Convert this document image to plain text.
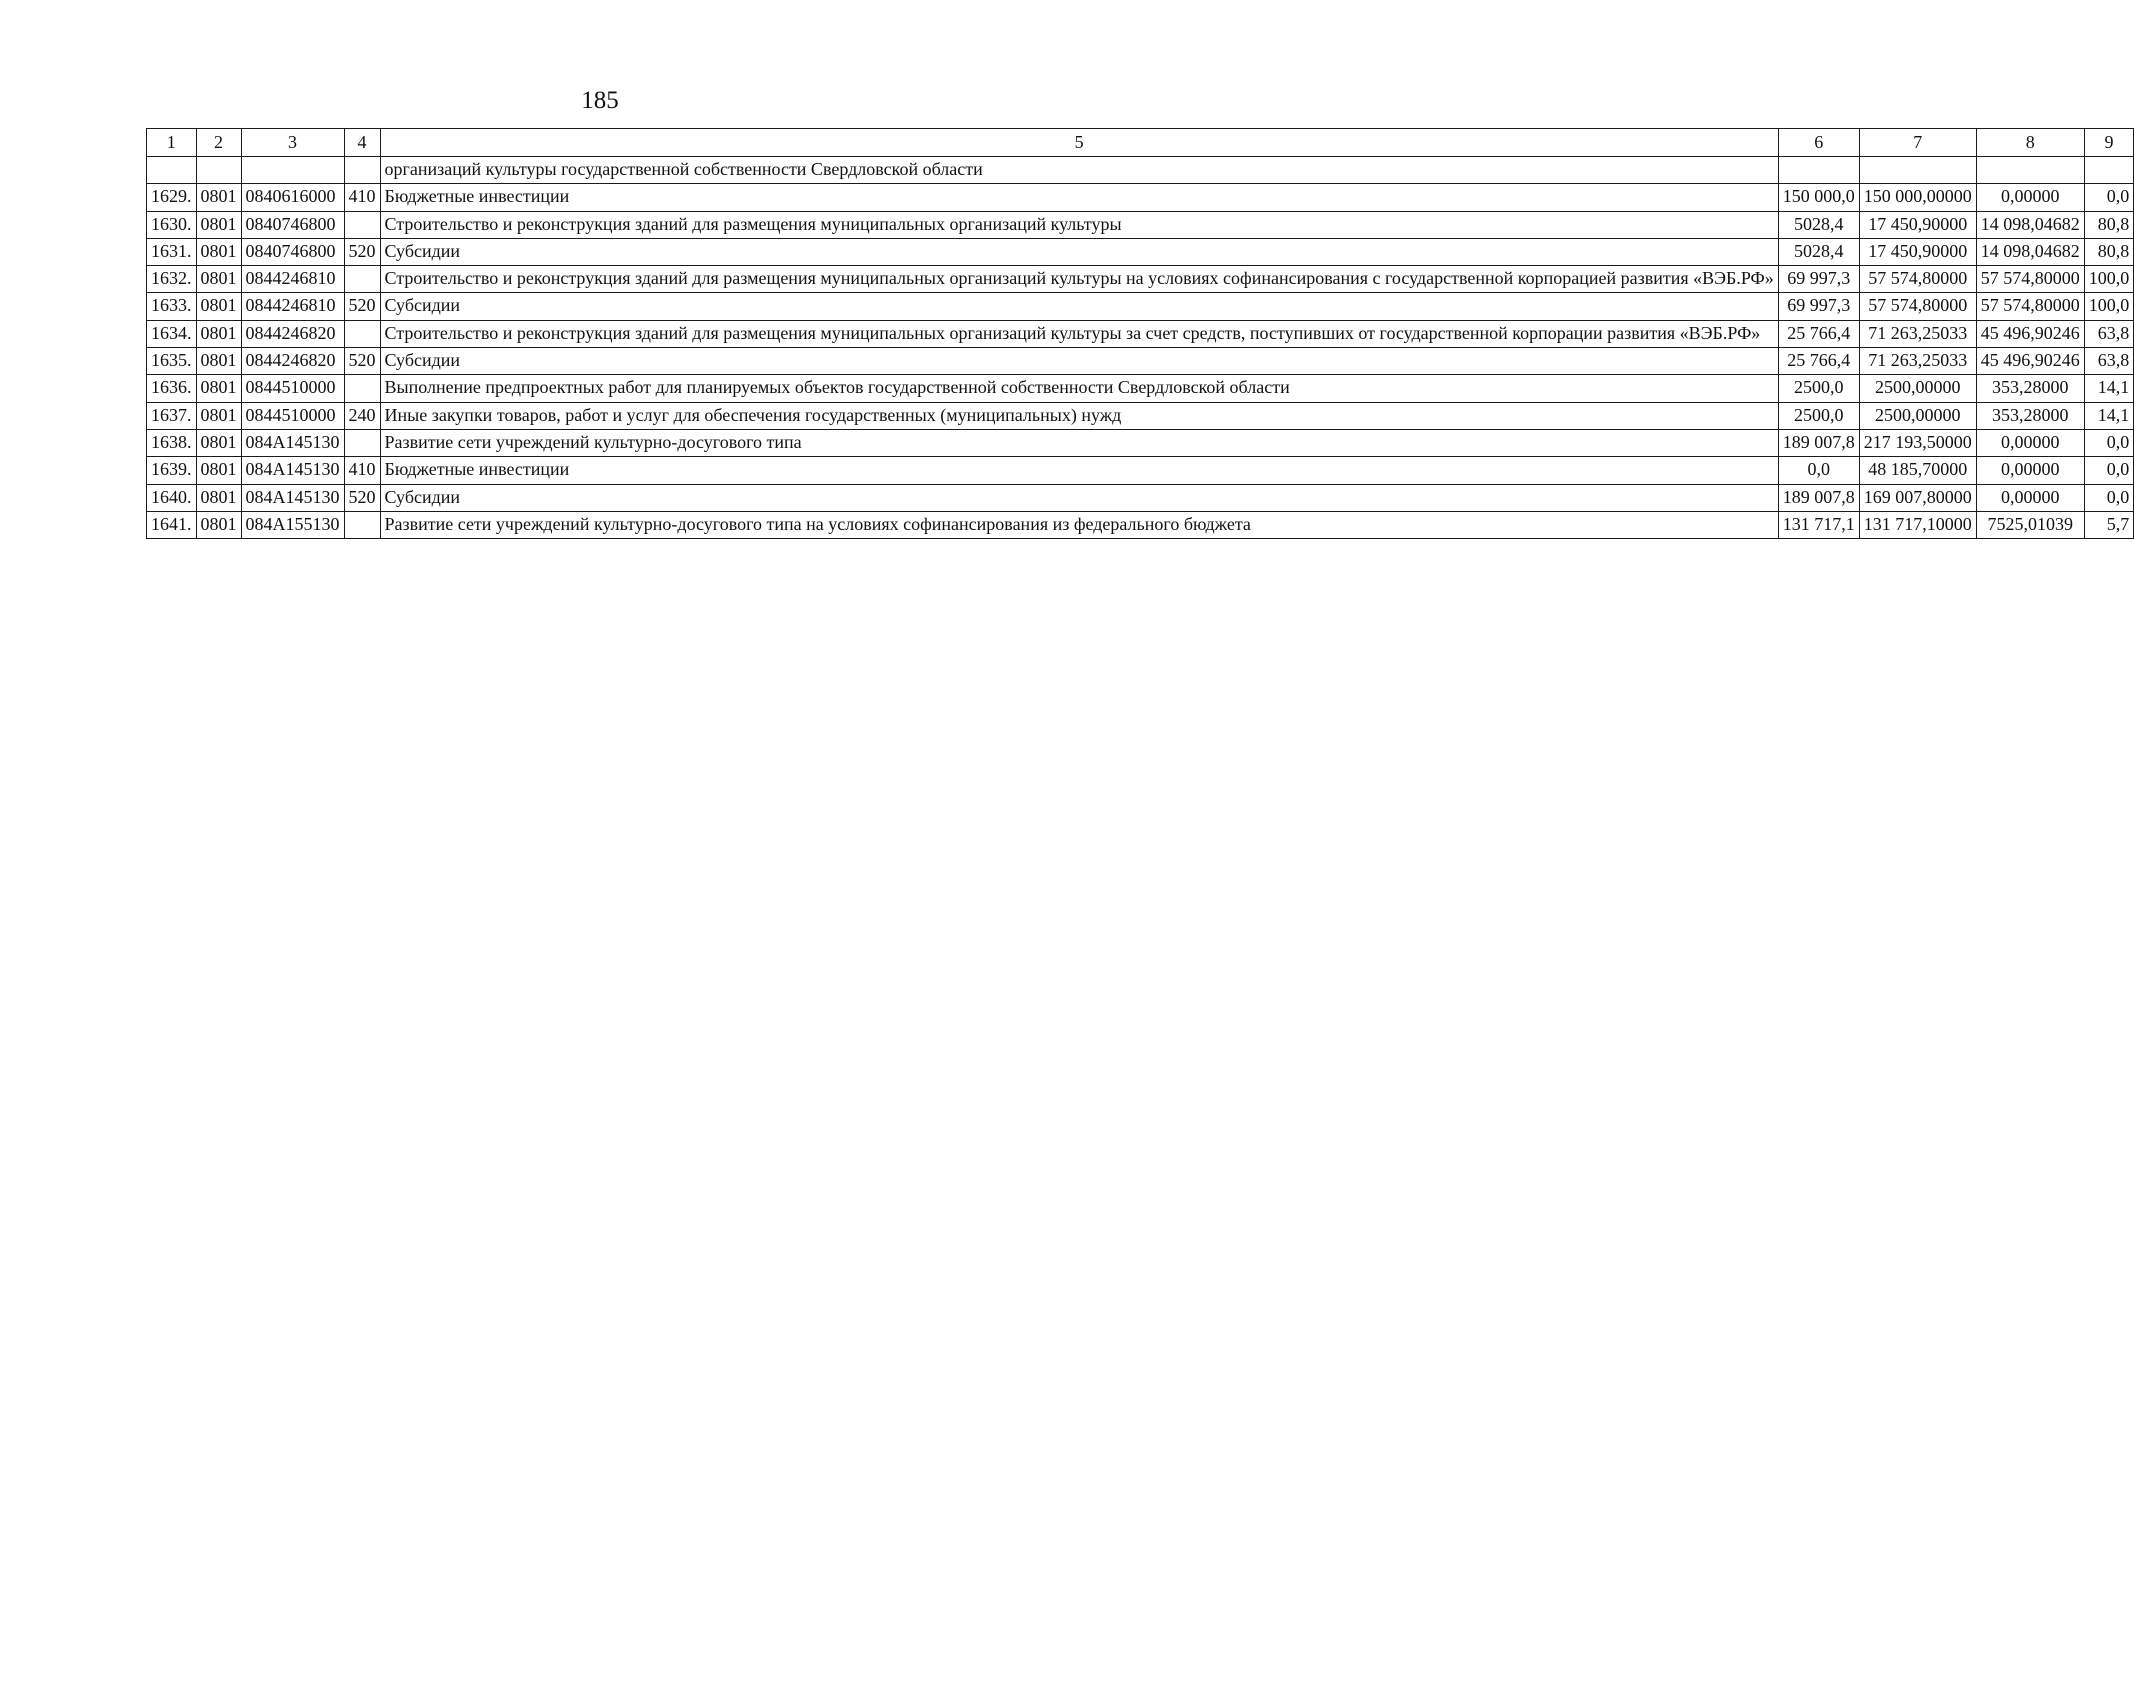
185
1	2	3	4	5	6	7	8	9
				организаций культуры государственной собственности Свердловской области				
1629.	0801	0840616000	410	Бюджетные инвестиции	150 000,0	150 000,00000	0,00000	0,0
1630.	0801	0840746800		Строительство и реконструкция зданий для размещения муниципальных организаций культуры	5028,4	17 450,90000	14 098,04682	80,8
1631.	0801	0840746800	520	Субсидии	5028,4	17 450,90000	14 098,04682	80,8
1632.	0801	0844246810		Строительство и реконструкция зданий для размещения муниципальных организаций культуры на условиях софинансирования с государственной корпорацией развития «ВЭБ.РФ»	69 997,3	57 574,80000	57 574,80000	100,0
1633.	0801	0844246810	520	Субсидии	69 997,3	57 574,80000	57 574,80000	100,0
1634.	0801	0844246820		Строительство и реконструкция зданий для размещения муниципальных организаций культуры за счет средств, поступивших от государственной корпорации развития «ВЭБ.РФ»	25 766,4	71 263,25033	45 496,90246	63,8
1635.	0801	0844246820	520	Субсидии	25 766,4	71 263,25033	45 496,90246	63,8
1636.	0801	0844510000		Выполнение предпроектных работ для планируемых объектов государственной собственности Свердловской области	2500,0	2500,00000	353,28000	14,1
1637.	0801	0844510000	240	Иные закупки товаров, работ и услуг для обеспечения государственных (муниципальных) нужд	2500,0	2500,00000	353,28000	14,1
1638.	0801	084A145130		Развитие сети учреждений культурно-досугового типа	189 007,8	217 193,50000	0,00000	0,0
1639.	0801	084A145130	410	Бюджетные инвестиции	0,0	48 185,70000	0,00000	0,0
1640.	0801	084A145130	520	Субсидии	189 007,8	169 007,80000	0,00000	0,0
1641.	0801	084A155130		Развитие сети учреждений культурно-досугового типа на условиях софинансирования из федерального бюджета	131 717,1	131 717,10000	7525,01039	5,7
